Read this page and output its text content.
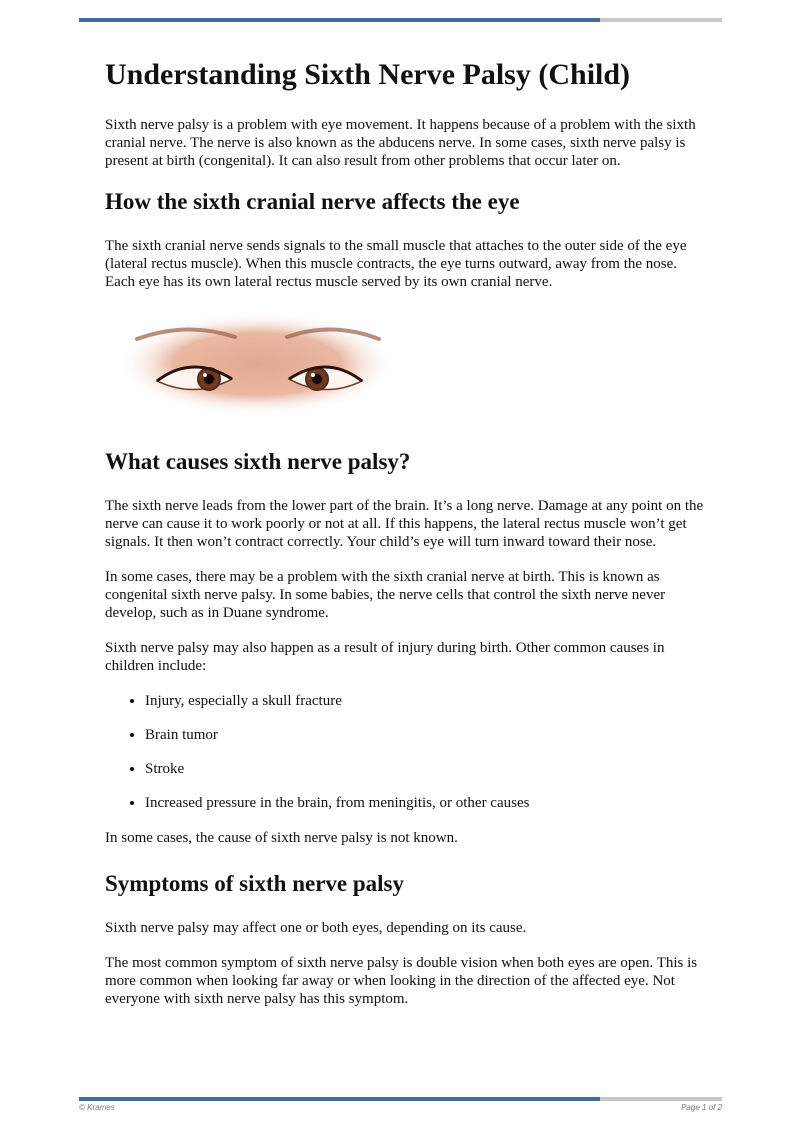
Understanding Sixth Nerve Palsy (Child)

Sixth nerve palsy is a problem with eye movement. It happens because of a problem with the sixth cranial nerve. The nerve is also known as the abducens nerve. In some cases, sixth nerve palsy is present at birth (congenital). It can also result from other problems that occur later on.

How the sixth cranial nerve affects the eye

The sixth cranial nerve sends signals to the small muscle that attaches to the outer side of the eye (lateral rectus muscle). When this muscle contracts, the eye turns outward, away from the nose. Each eye has its own lateral rectus muscle served by its own cranial nerve.

What causes sixth nerve palsy?

The sixth nerve leads from the lower part of the brain. It’s a long nerve. Damage at any point on the nerve can cause it to work poorly or not at all. If this happens, the lateral rectus muscle won’t get signals. It then won’t contract correctly. Your child’s eye will turn inward toward their nose.

In some cases, there may be a problem with the sixth cranial nerve at birth. This is known as congenital sixth nerve palsy. In some babies, the nerve cells that control the sixth nerve never develop, such as in Duane syndrome.

Sixth nerve palsy may also happen as a result of injury during birth. Other common causes in children include:

• Injury, especially a skull fracture
• Brain tumor
• Stroke
• Increased pressure in the brain, from meningitis, or other causes

In some cases, the cause of sixth nerve palsy is not known.

Symptoms of sixth nerve palsy

Sixth nerve palsy may affect one or both eyes, depending on its cause.

The most common symptom of sixth nerve palsy is double vision when both eyes are open. This is more common when looking far away or when looking in the direction of the affected eye. Not everyone with sixth nerve palsy has this symptom.

© Krames	Page 1 of 2
